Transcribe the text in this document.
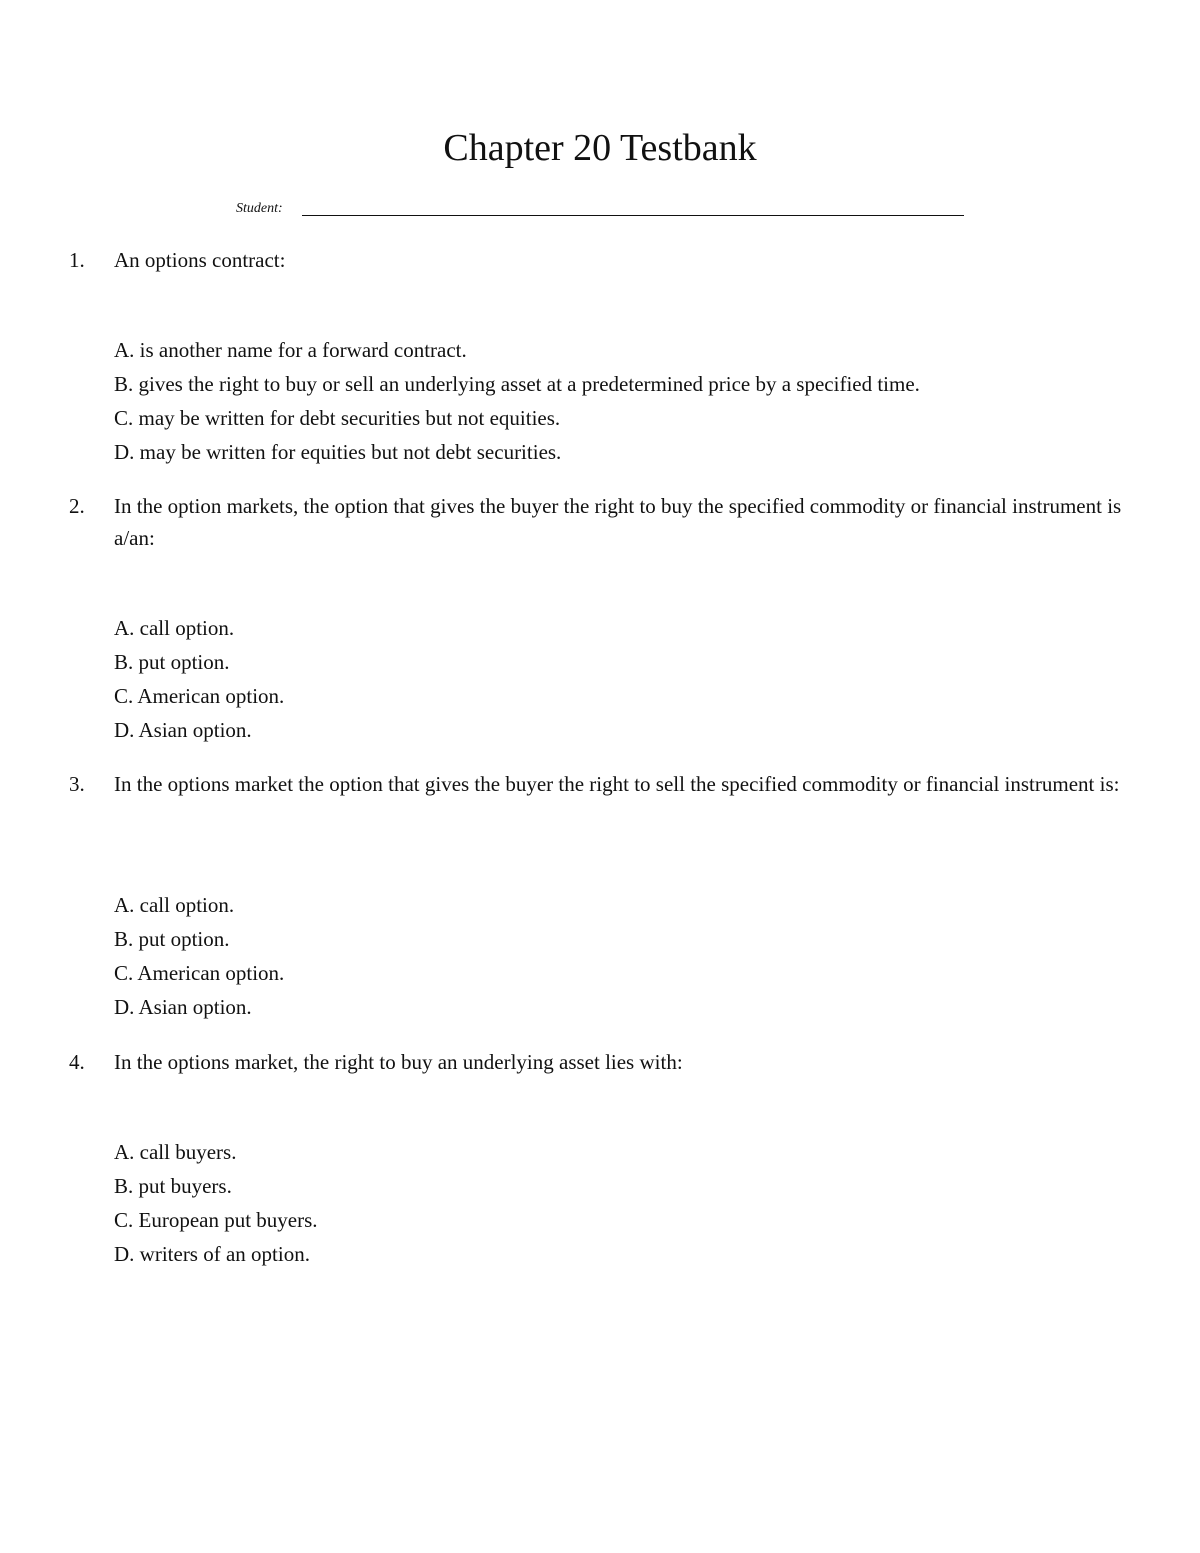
Chapter 20 Testbank
Student:
1. An options contract:
A. is another name for a forward contract.
B. gives the right to buy or sell an underlying asset at a predetermined price by a specified time.
C. may be written for debt securities but not equities.
D. may be written for equities but not debt securities.
2. In the option markets, the option that gives the buyer the right to buy the specified commodity or financial instrument is a/an:
A. call option.
B. put option.
C. American option.
D. Asian option.
3. In the options market the option that gives the buyer the right to sell the specified commodity or financial instrument is:
A. call option.
B. put option.
C. American option.
D. Asian option.
4. In the options market, the right to buy an underlying asset lies with:
A. call buyers.
B. put buyers.
C. European put buyers.
D. writers of an option.
